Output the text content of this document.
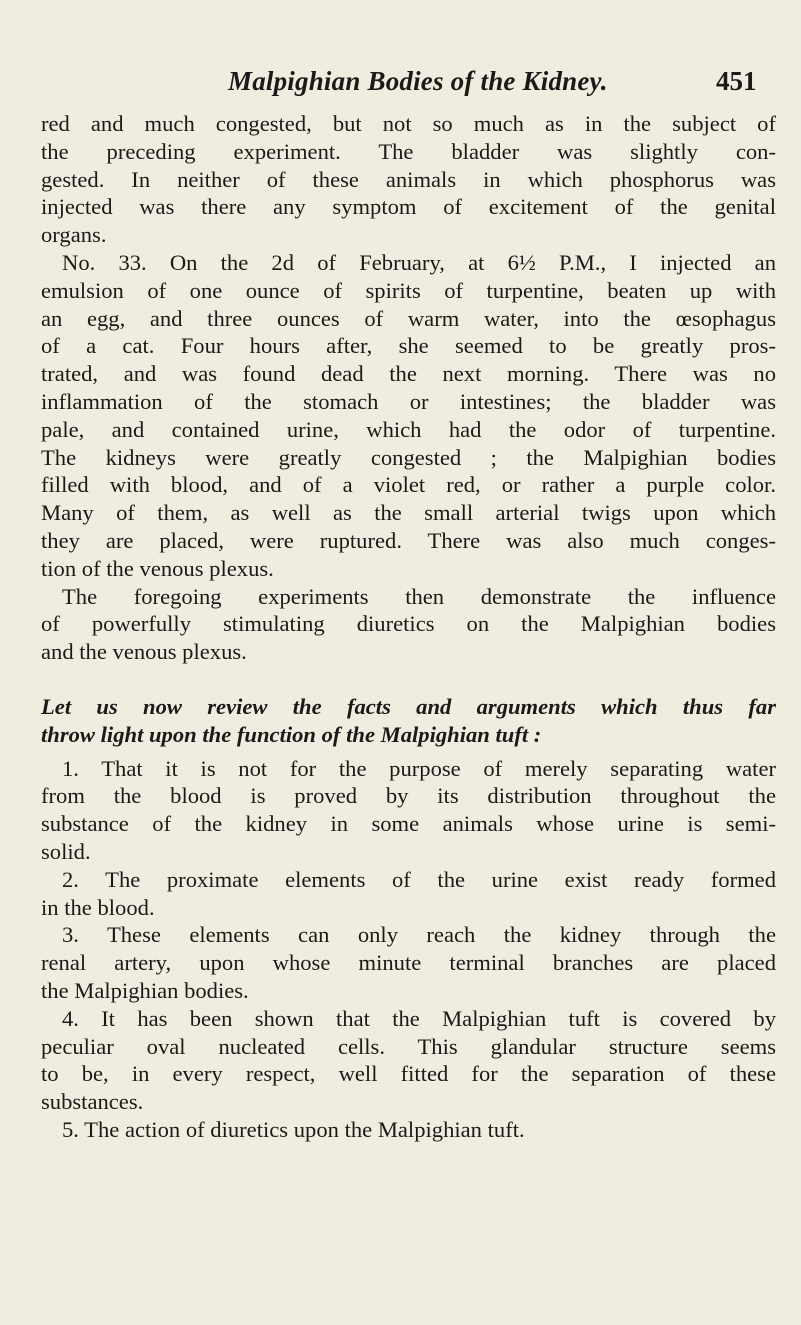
Malpighian Bodies of the Kidney.	451
red and much congested, but not so much as in the subject of
the preceding experiment. The bladder was slightly con-
gested. In neither of these animals in which phosphorus was
injected was there any symptom of excitement of the genital
organs.
No. 33. On the 2d of February, at 6½ P.M., I injected an
emulsion of one ounce of spirits of turpentine, beaten up with
an egg, and three ounces of warm water, into the œsophagus
of a cat. Four hours after, she seemed to be greatly pros-
trated, and was found dead the next morning. There was no
inflammation of the stomach or intestines; the bladder was
pale, and contained urine, which had the odor of turpentine.
The kidneys were greatly congested ; the Malpighian bodies
filled with blood, and of a violet red, or rather a purple color.
Many of them, as well as the small arterial twigs upon which
they are placed, were ruptured. There was also much conges-
tion of the venous plexus.
The foregoing experiments then demonstrate the influence
of powerfully stimulating diuretics on the Malpighian bodies
and the venous plexus.
Let us now review the facts and arguments which thus far
throw light upon the function of the Malpighian tuft :
1. That it is not for the purpose of merely separating water
from the blood is proved by its distribution throughout the
substance of the kidney in some animals whose urine is semi-
solid.
2. The proximate elements of the urine exist ready formed
in the blood.
3. These elements can only reach the kidney through the
renal artery, upon whose minute terminal branches are placed
the Malpighian bodies.
4. It has been shown that the Malpighian tuft is covered by
peculiar oval nucleated cells. This glandular structure seems
to be, in every respect, well fitted for the separation of these
substances.
5. The action of diuretics upon the Malpighian tuft.
